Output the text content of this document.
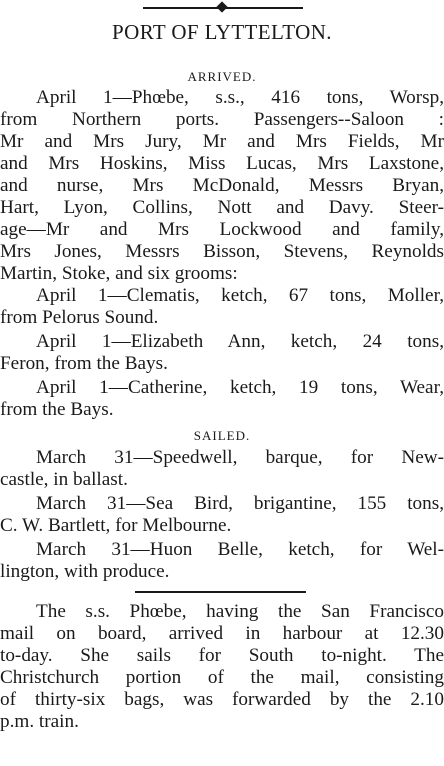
PORT OF LYTTELTON.
ARRIVED.
April 1—Phœbe, s.s., 416 tons, Worsp,
from Northern ports. Passengers--Saloon :
Mr and Mrs Jury, Mr and Mrs Fields, Mr
and Mrs Hoskins, Miss Lucas, Mrs Laxstone,
and nurse, Mrs McDonald, Messrs Bryan,
Hart, Lyon, Collins, Nott and Davy. Steer-
age—Mr and Mrs Lockwood and family,
Mrs Jones, Messrs Bisson, Stevens, Reynolds
Martin, Stoke, and six grooms:
April 1—Clematis, ketch, 67 tons, Moller,
from Pelorus Sound.
April 1—Elizabeth Ann, ketch, 24 tons,
Feron, from the Bays.
April 1—Catherine, ketch, 19 tons, Wear,
from the Bays.
SAILED.
March 31—Speedwell, barque, for New-
castle, in ballast.
March 31—Sea Bird, brigantine, 155 tons,
C. W. Bartlett, for Melbourne.
March 31—Huon Belle, ketch, for Wel-
lington, with produce.
The s.s. Phœbe, having the San Francisco
mail on board, arrived in harbour at 12.30
to-day. She sails for South to-night. The
Christchurch portion of the mail, consisting
of thirty-six bags, was forwarded by the 2.10
p.m. train.
